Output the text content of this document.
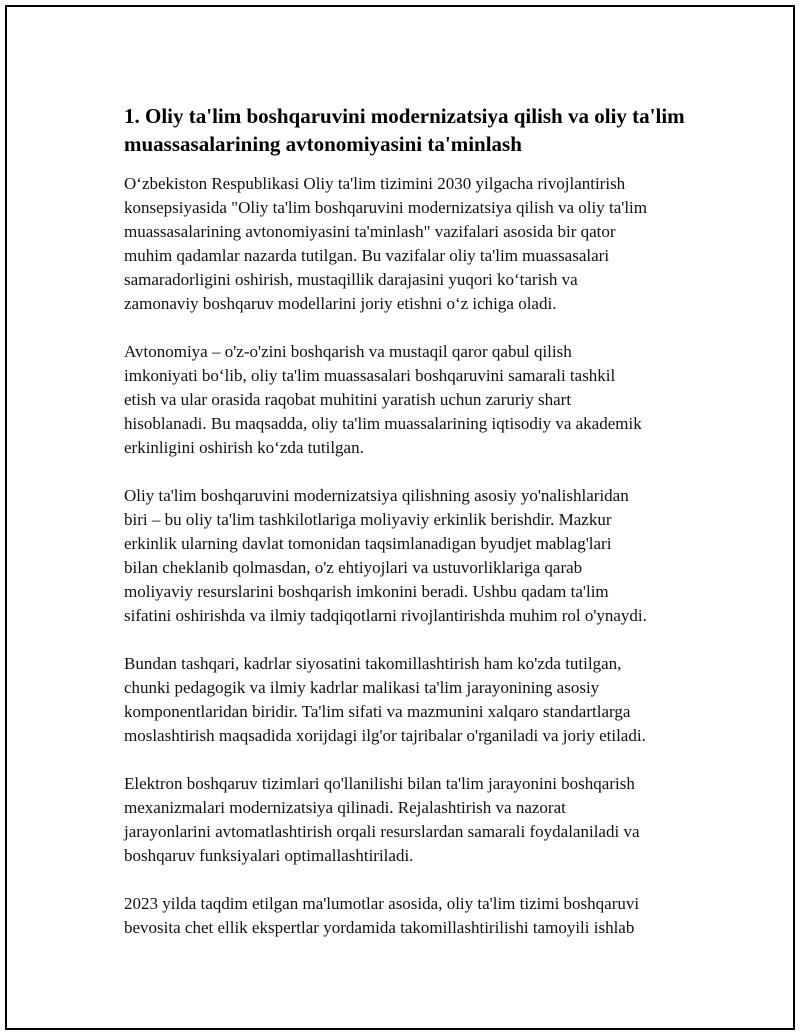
1. Oliy ta'lim boshqaruvini modernizatsiya qilish va oliy ta'lim
muassasalarining avtonomiyasini ta'minlash

O‘zbekiston Respublikasi Oliy ta'lim tizimini 2030 yilgacha rivojlantirish
konsepsiyasida "Oliy ta'lim boshqaruvini modernizatsiya qilish va oliy ta'lim
muassasalarining avtonomiyasini ta'minlash" vazifalari asosida bir qator
muhim qadamlar nazarda tutilgan. Bu vazifalar oliy ta'lim muassasalari
samaradorligini oshirish, mustaqillik darajasini yuqori ko‘tarish va
zamonaviy boshqaruv modellarini joriy etishni o‘z ichiga oladi.

Avtonomiya – o'z-o'zini boshqarish va mustaqil qaror qabul qilish
imkoniyati bo‘lib, oliy ta'lim muassasalari boshqaruvini samarali tashkil
etish va ular orasida raqobat muhitini yaratish uchun zaruriy shart
hisoblanadi. Bu maqsadda, oliy ta'lim muassalarining iqtisodiy va akademik
erkinligini oshirish ko‘zda tutilgan.

Oliy ta'lim boshqaruvini modernizatsiya qilishning asosiy yo'nalishlaridan
biri – bu oliy ta'lim tashkilotlariga moliyaviy erkinlik berishdir. Mazkur
erkinlik ularning davlat tomonidan taqsimlanadigan byudjet mablag'lari
bilan cheklanib qolmasdan, o'z ehtiyojlari va ustuvorliklariga qarab
moliyaviy resurslarini boshqarish imkonini beradi. Ushbu qadam ta'lim
sifatini oshirishda va ilmiy tadqiqotlarni rivojlantirishda muhim rol o'ynaydi.

Bundan tashqari, kadrlar siyosatini takomillashtirish ham ko'zda tutilgan,
chunki pedagogik va ilmiy kadrlar malikasi ta'lim jarayonining asosiy
komponentlaridan biridir. Ta'lim sifati va mazmunini xalqaro standartlarga
moslashtirish maqsadida xorijdagi ilg'or tajribalar o'rganiladi va joriy etiladi.

Elektron boshqaruv tizimlari qo'llanilishi bilan ta'lim jarayonini boshqarish
mexanizmalari modernizatsiya qilinadi. Rejalashtirish va nazorat
jarayonlarini avtomatlashtirish orqali resurslardan samarali foydalaniladi va
boshqaruv funksiyalari optimallashtiriladi.

2023 yilda taqdim etilgan ma'lumotlar asosida, oliy ta'lim tizimi boshqaruvi
bevosita chet ellik ekspertlar yordamida takomillashtirilishi tamoyili ishlab
